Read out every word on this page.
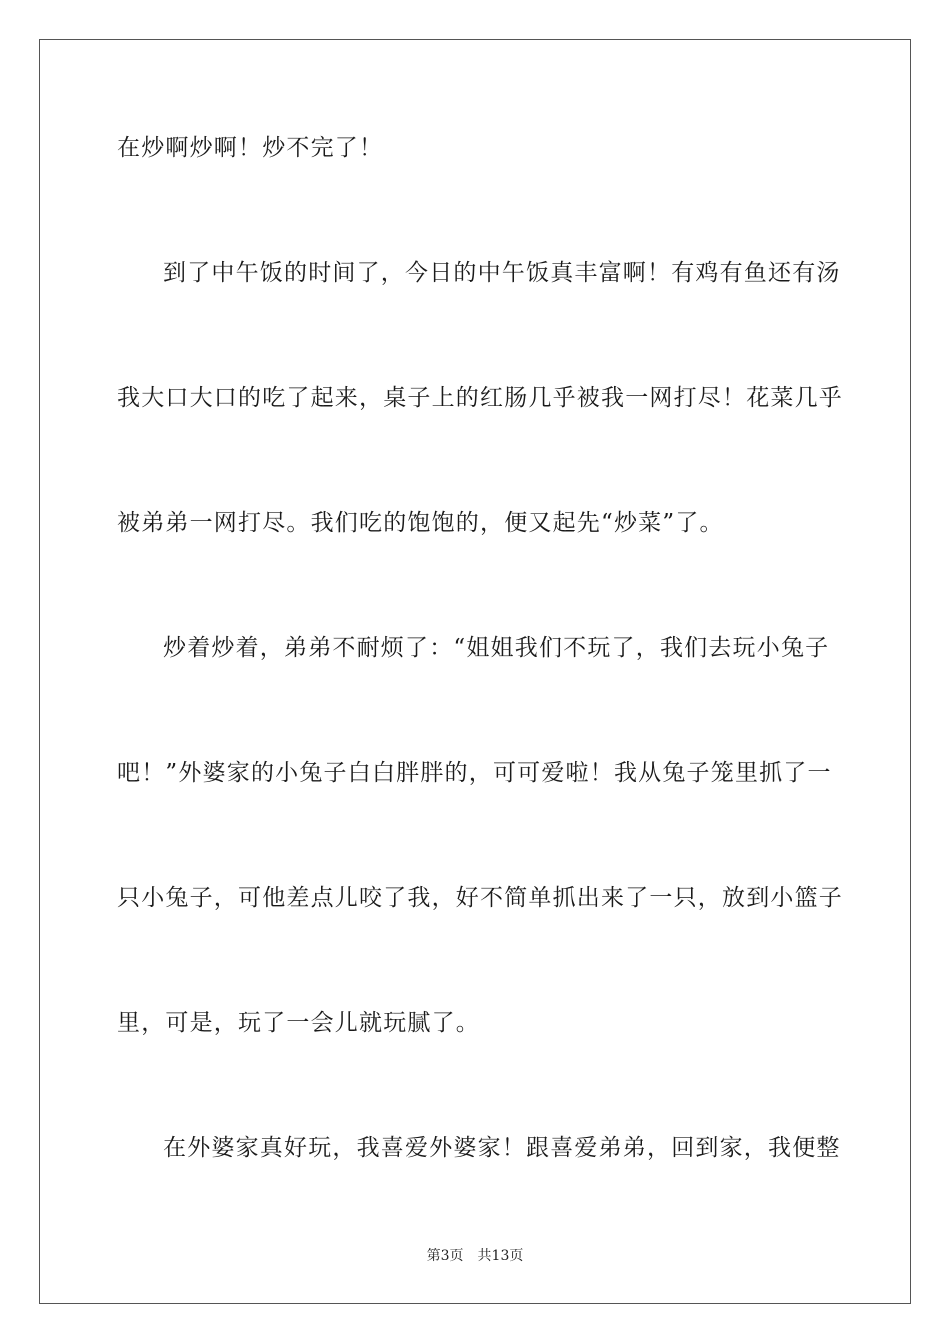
在炒啊炒啊！炒不完了！
到了中午饭的时间了，今日的中午饭真丰富啊！有鸡有鱼还有汤
我大口大口的吃了起来，桌子上的红肠几乎被我一网打尽！花菜几乎
被弟弟一网打尽。我们吃的饱饱的，便又起先“炒菜”了。
炒着炒着，弟弟不耐烦了：“姐姐我们不玩了，我们去玩小兔子
吧！”外婆家的小兔子白白胖胖的，可可爱啦！我从兔子笼里抓了一
只小兔子，可他差点儿咬了我，好不简单抓出来了一只，放到小篮子
里，可是，玩了一会儿就玩腻了。
在外婆家真好玩，我喜爱外婆家！跟喜爱弟弟，回到家，我便整
第3页　共13页
